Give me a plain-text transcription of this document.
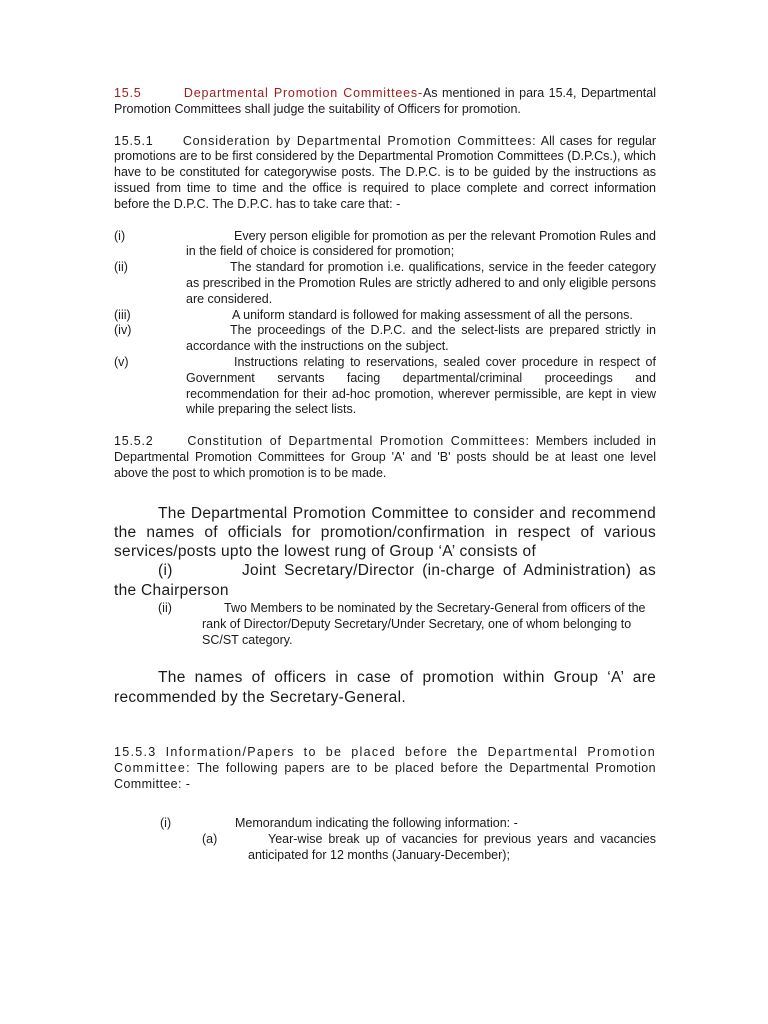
15.5        Departmental Promotion Committees-As mentioned in para 15.4, Departmental Promotion Committees shall judge the suitability of Officers for promotion.

15.5.1     Consideration by Departmental Promotion Committees: All cases for regular promotions are to be first considered by the Departmental Promotion Committees (D.P.Cs.), which have to be constituted for categorywise posts. The D.P.C. is to be guided by the instructions as issued from time to time and the office is required to place complete and correct information before the D.P.C. The D.P.C. has to take care that: -

(i)	Every person eligible for promotion as per the relevant Promotion Rules and in the field of choice is considered for promotion;
(ii)	The standard for promotion i.e. qualifications, service in the feeder category as prescribed in the Promotion Rules are strictly adhered to and only eligible persons are considered.
(iii)	A uniform standard is followed for making assessment of all the persons.
(iv)	The proceedings of the D.P.C. and the select-lists are prepared strictly in accordance with the instructions on the subject.
(v)	Instructions relating to reservations, sealed cover procedure in respect of Government servants facing departmental/criminal proceedings and recommendation for their ad-hoc promotion, wherever permissible, are kept in view while preparing the select lists.

15.5.2     Constitution of Departmental Promotion Committees: Members included in Departmental Promotion Committees for Group 'A' and 'B' posts should be at least one level above the post to which promotion is to be made.

The Departmental Promotion Committee to consider and recommend the names of officials for promotion/confirmation in respect of various services/posts upto the lowest rung of Group ‘A’ consists of

(i)	Joint Secretary/Director (in-charge of Administration) as the Chairperson

(ii)	Two Members to be nominated by the Secretary-General from officers of the rank of Director/Deputy Secretary/Under Secretary, one of whom belonging to SC/ST category.

The names of officers in case of promotion within Group ‘A’ are recommended by the Secretary-General.

15.5.3 Information/Papers to be placed before the Departmental Promotion Committee: The following papers are to be placed before the Departmental Promotion Committee: -

(i)	Memorandum indicating the following information: -
(a)	Year-wise break up of vacancies for previous years and vacancies anticipated for 12 months (January-December);
